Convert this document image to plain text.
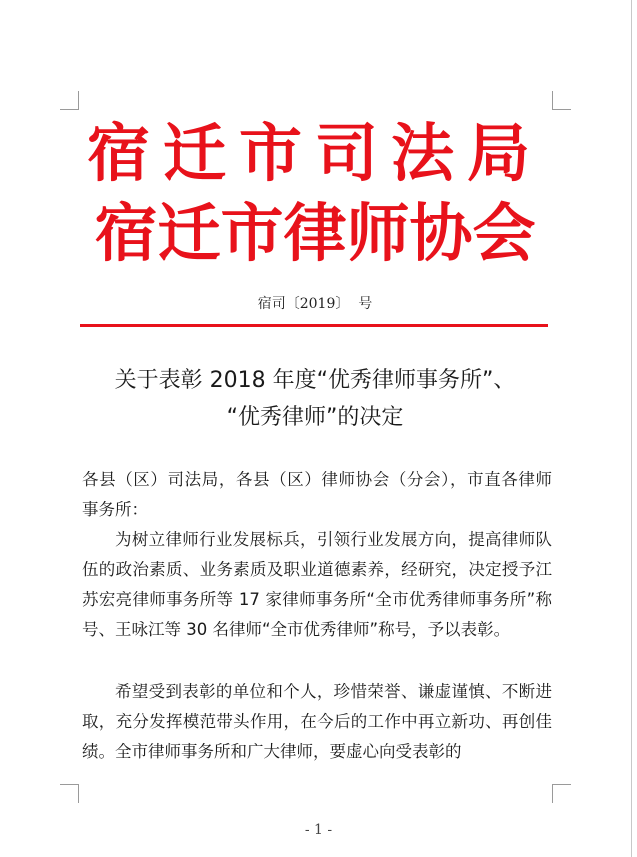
宿迁市司法局
宿迁市律师协会
宿司〔2019〕  号
关于表彰 2018 年度“优秀律师事务所”、
“优秀律师”的决定

各县（区）司法局，各县（区）律师协会（分会），市直各律师事务所：

为树立律师行业发展标兵，引领行业发展方向，提高律师队伍的政治素质、业务素质及职业道德素养，经研究，决定授予江苏宏亮律师事务所等 17 家律师事务所“全市优秀律师事务所”称号、王咏江等 30 名律师“全市优秀律师”称号，予以表彰。

希望受到表彰的单位和个人，珍惜荣誉、谦虚谨慎、不断进取，充分发挥模范带头作用，在今后的工作中再立新功、再创佳绩。全市律师事务所和广大律师，要虚心向受表彰的

- 1 -
